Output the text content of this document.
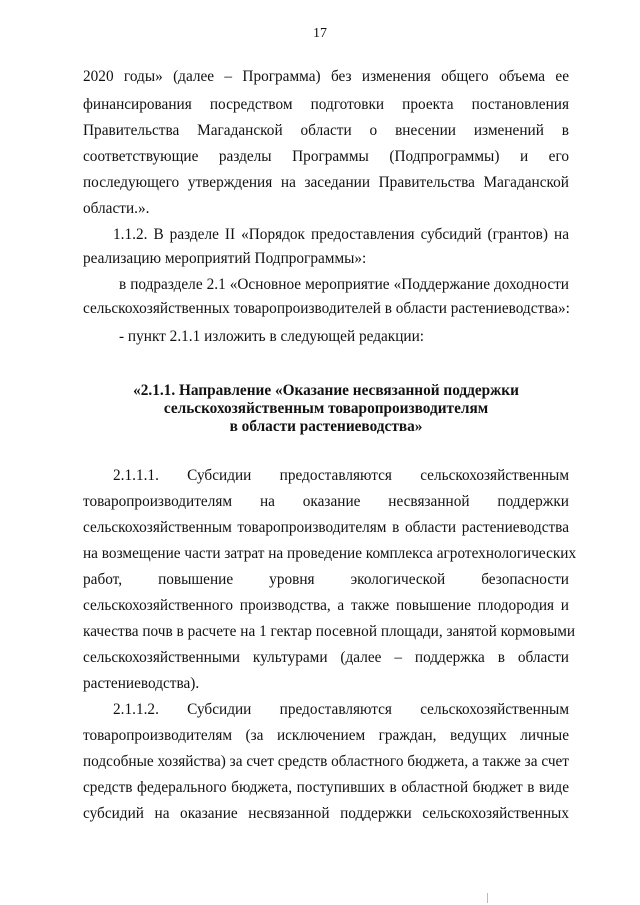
17
2020 годы» (далее – Программа) без изменения общего объема ее
финансирования посредством подготовки проекта постановления
Правительства Магаданской области о внесении изменений в
соответствующие разделы Программы (Подпрограммы) и его
последующего утверждения на заседании Правительства Магаданской
области.».
1.1.2. В разделе II «Порядок предоставления субсидий (грантов) на
реализацию мероприятий Подпрограммы»:
в подразделе 2.1 «Основное мероприятие «Поддержание доходности
сельскохозяйственных товаропроизводителей в области растениеводства»:
- пункт 2.1.1 изложить в следующей редакции:
«2.1.1. Направление «Оказание несвязанной поддержки
сельскохозяйственным товаропроизводителям
в области растениеводства»
2.1.1.1. Субсидии предоставляются сельскохозяйственным
товаропроизводителям на оказание несвязанной поддержки
сельскохозяйственным товаропроизводителям в области растениеводства
на возмещение части затрат на проведение комплекса агротехнологических
работ, повышение уровня экологической безопасности
сельскохозяйственного производства, а также повышение плодородия и
качества почв в расчете на 1 гектар посевной площади, занятой кормовыми
сельскохозяйственными культурами (далее – поддержка в области
растениеводства).
2.1.1.2. Субсидии предоставляются сельскохозяйственным
товаропроизводителям (за исключением граждан, ведущих личные
подсобные хозяйства) за счет средств областного бюджета, а также за счет
средств федерального бюджета, поступивших в областной бюджет в виде
субсидий на оказание несвязанной поддержки сельскохозяйственных
